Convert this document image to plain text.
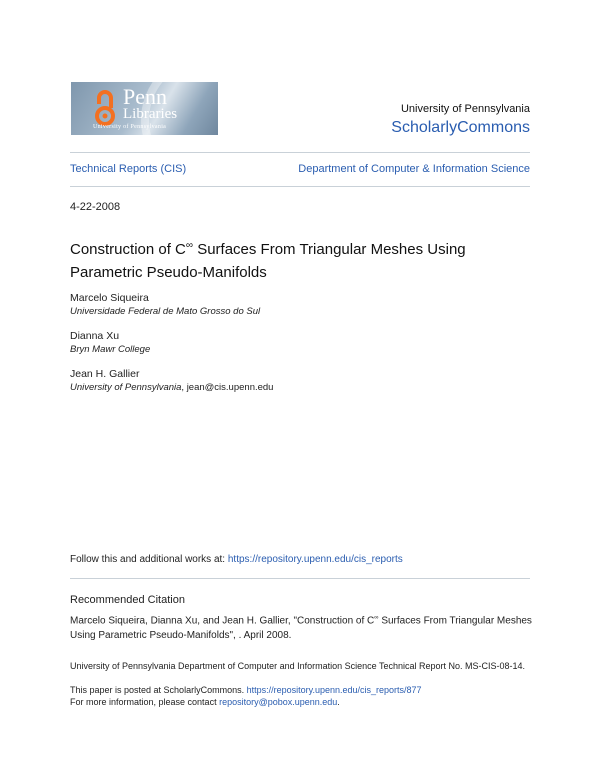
Penn
Libraries
University of Pennsylvania
University of Pennsylvania
ScholarlyCommons
Technical Reports (CIS)	Department of Computer & Information Science
4-22-2008
Construction of C∞ Surfaces From Triangular Meshes Using
Parametric Pseudo-Manifolds
Marcelo Siqueira
Universidade Federal de Mato Grosso do Sul
Dianna Xu
Bryn Mawr College
Jean H. Gallier
University of Pennsylvania, jean@cis.upenn.edu
Follow this and additional works at: https://repository.upenn.edu/cis_reports
Recommended Citation
Marcelo Siqueira, Dianna Xu, and Jean H. Gallier, "Construction of C∞ Surfaces From Triangular Meshes
Using Parametric Pseudo-Manifolds", . April 2008.
University of Pennsylvania Department of Computer and Information Science Technical Report No. MS-CIS-08-14.
This paper is posted at ScholarlyCommons. https://repository.upenn.edu/cis_reports/877
For more information, please contact repository@pobox.upenn.edu.
